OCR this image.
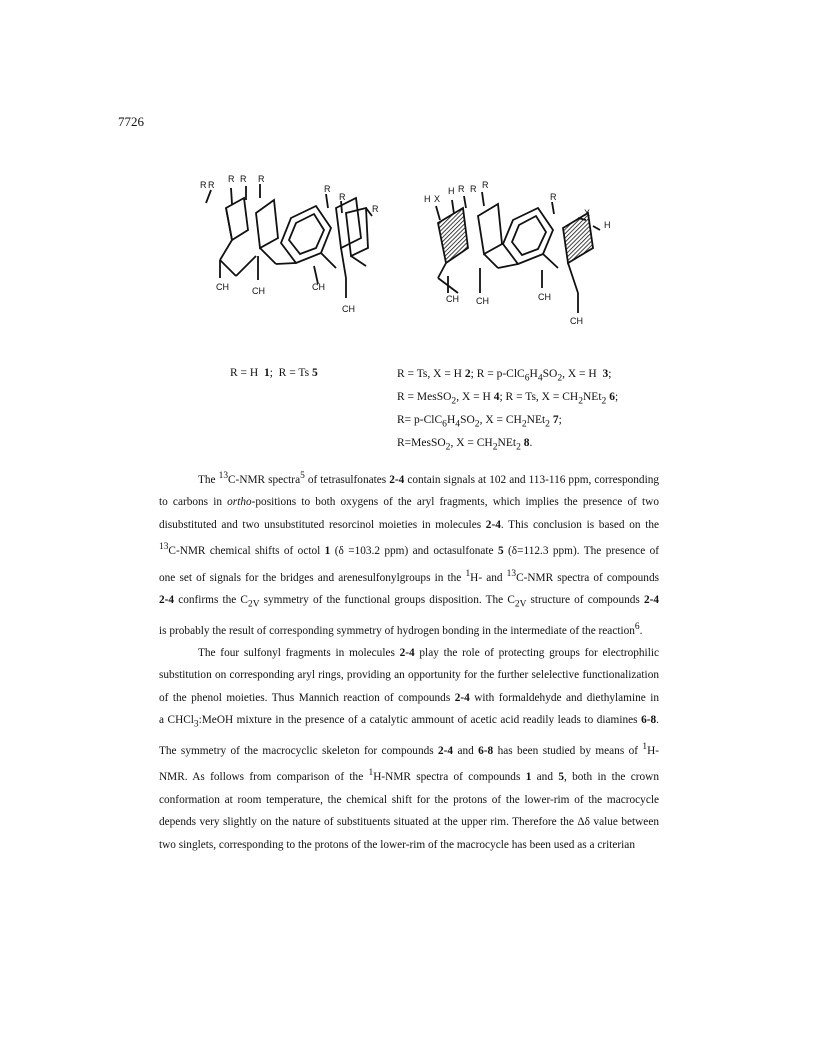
7726
R
R R R
R
R
R
R
CH	CH	CH
CH
H X
H R R R
R
X
H
CH CH	CH
CH
R = H  1;  R = Ts 5	R = Ts, X = H 2; $R = p-ClC_6H_4SO_2$, X = H  3;
R = MesSO$_2$, X = H 4; R = Ts, $X = CH_2NEt_2$ 6;
$R= p-ClC_6H_4SO_2$, $X = CH_2NEt_2$ 7;
R=MesSO$_2$, $X = CH_2NEt_2$ 8.

The $^{13}$C-NMR spectra$^5$ of tetrasulfonates 2-4 contain signals at 102 and 113-116 ppm, corresponding
to carbons in ortho-positions to both oxygens of the aryl fragments, which implies the presence of two
disubstituted and two unsubstituted resorcinol moieties in molecules 2-4. This conclusion is based on the
$^{13}$C-NMR chemical shifts of octol 1 (δ =103.2 ppm) and octasulfonate 5 (δ=112.3 ppm). The presence of
one set of signals for the bridges and arenesulfonylgroups in the $^1$H- and $^{13}$C-NMR spectra of compounds
2-4 confirms the $C_{2V}$ symmetry of the functional groups disposition. The $C_{2V}$ structure of compounds 2-4
is probably the result of corresponding symmetry of hydrogen bonding in the intermediate of the reaction$^6$.

The four sulfonyl fragments in molecules 2-4 play the role of protecting groups for electrophilic
substitution on corresponding aryl rings, providing an opportunity for the further selelective functionalization
of the phenol moieties. Thus Mannich reaction of compounds 2-4 with formaldehyde and diethylamine in
a CHCl$_3$:MeOH mixture in the presence of a catalytic ammount of acetic acid readily leads to diamines 6-8.
The symmetry of the macrocyclic skeleton for compounds 2-4 and 6-8 has been studied by means of $^1$H-
NMR. As follows from comparison of the $^1$H-NMR spectra of compounds 1 and 5, both in the crown
conformation at room temperature, the chemical shift for the protons of the lower-rim of the macrocycle
depends very slightly on the nature of substituents situated at the upper rim. Therefore the Δδ value between
two singlets, corresponding to the protons of the lower-rim of the macrocycle has been used as a criterian
